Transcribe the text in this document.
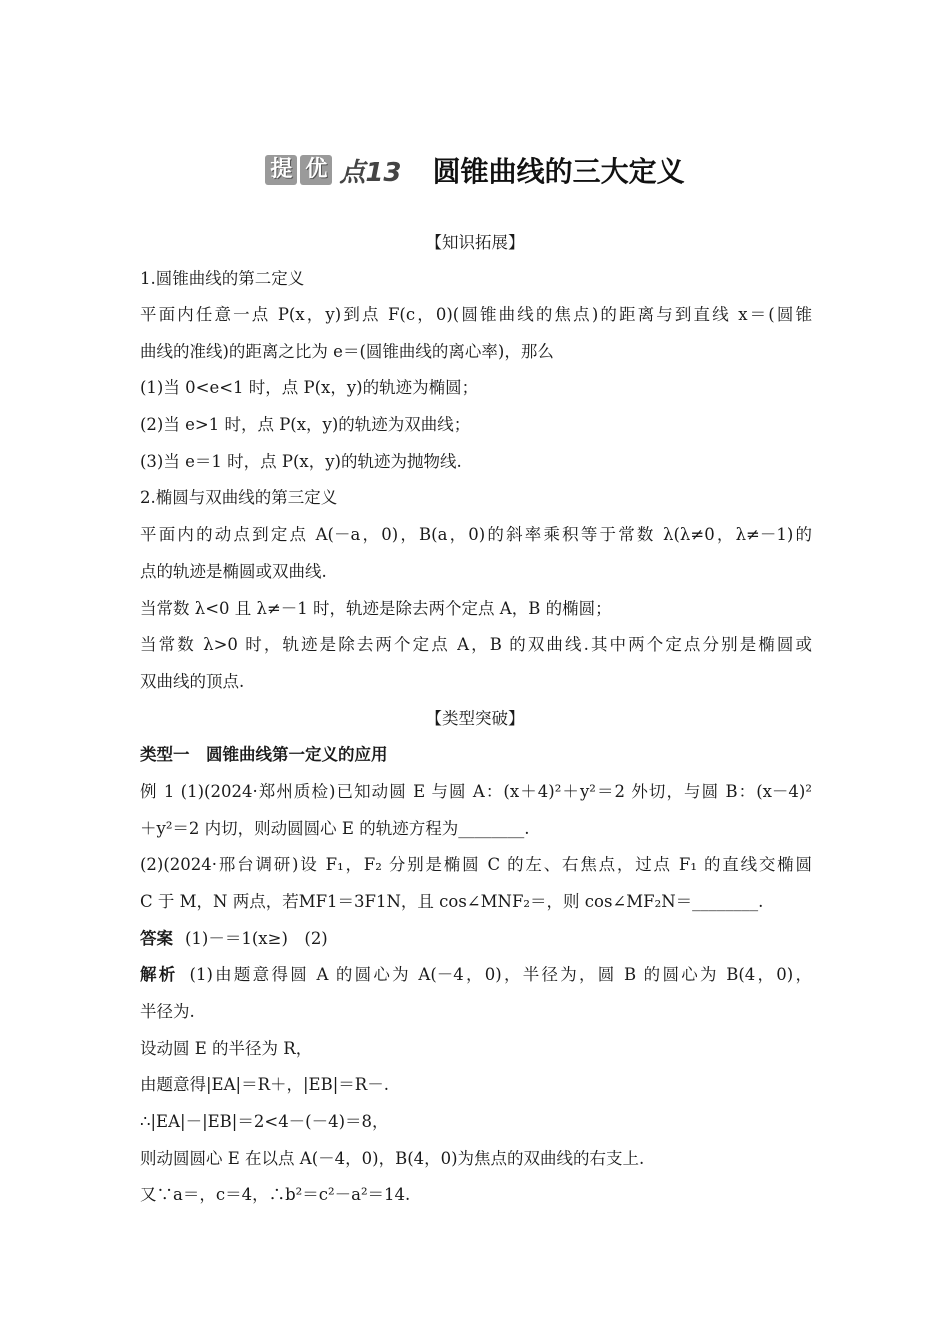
提 优 点13 圆锥曲线的三大定义
【知识拓展】
1.圆锥曲线的第二定义
平面内任意一点 P(x，y)到点 F(c，0)(圆锥曲线的焦点)的距离与到直线 x＝(圆锥
曲线的准线)的距离之比为 e＝(圆锥曲线的离心率)，那么
(1)当 0<e<1 时，点 P(x，y)的轨迹为椭圆；
(2)当 e>1 时，点 P(x，y)的轨迹为双曲线；
(3)当 e＝1 时，点 P(x，y)的轨迹为抛物线.
2.椭圆与双曲线的第三定义
平面内的动点到定点 A(－a，0)，B(a，0)的斜率乘积等于常数 λ(λ≠0，λ≠－1)的
点的轨迹是椭圆或双曲线.
当常数 λ<0 且 λ≠－1 时，轨迹是除去两个定点 A，B 的椭圆；
当常数 λ>0 时，轨迹是除去两个定点 A，B 的双曲线.其中两个定点分别是椭圆或
双曲线的顶点.
【类型突破】
类型一　圆锥曲线第一定义的应用
例 1 (1)(2024·郑州质检)已知动圆 E 与圆 A：(x＋4)²＋y²＝2 外切，与圆 B：(x－4)²
＋y²＝2 内切，则动圆圆心 E 的轨迹方程为________.
(2)(2024·邢台调研)设 F₁，F₂ 分别是椭圆 C 的左、右焦点，过点 F₁ 的直线交椭圆
C 于 M，N 两点，若MF1＝3F1N，且 cos∠MNF₂＝，则 cos∠MF₂N＝________.
答案 (1)－＝1(x≥)　(2)
解析 (1)由题意得圆 A 的圆心为 A(－4，0)，半径为，圆 B 的圆心为 B(4，0)，
半径为.
设动圆 E 的半径为 R，
由题意得|EA|＝R＋，|EB|＝R－.
∴|EA|－|EB|＝2<4－(－4)＝8，
则动圆圆心 E 在以点 A(－4，0)，B(4，0)为焦点的双曲线的右支上.
又∵a＝，c＝4，∴b²＝c²－a²＝14.
